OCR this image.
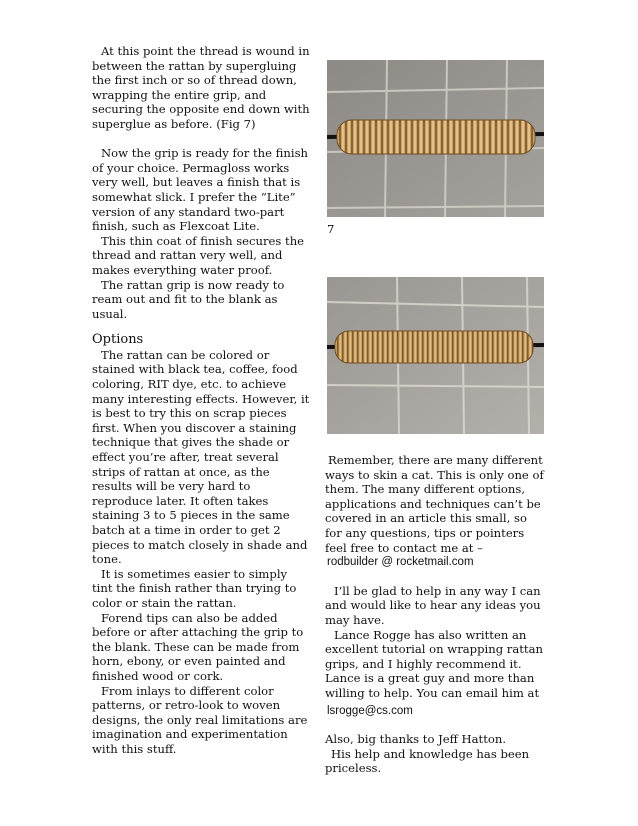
At this point the thread is wound in between the rattan by supergluing the first inch or so of thread down, wrapping the entire grip, and securing the opposite end down with superglue as before. (Fig 7)

Now the grip is ready for the finish of your choice. Permagloss works very well, but leaves a finish that is somewhat slick. I prefer the “Lite” version of any standard two-part finish, such as Flexcoat Lite.

This thin coat of finish secures the thread and rattan very well, and makes everything water proof.

The rattan grip is now ready to ream out and fit to the blank as usual.

Options

The rattan can be colored or stained with black tea, coffee, food coloring, RIT dye, etc. to achieve many interesting effects. However, it is best to try this on scrap pieces first. When you discover a staining technique that gives the shade or effect you’re after, treat several strips of rattan at once, as the results will be very hard to reproduce later. It often takes staining 3 to 5 pieces in the same batch at a time in order to get 2 pieces to match closely in shade and tone.

It is sometimes easier to simply tint the finish rather than trying to color or stain the rattan.

Forend tips can also be added before or after attaching the grip to the blank. These can be made from horn, ebony, or even painted and finished wood or cork.

From inlays to different color patterns, or retro-look to woven designs, the only real limitations are imagination and experimentation with this stuff.

7

Remember, there are many different ways to skin a cat. This is only one of them. The many different options, applications and techniques can’t be covered in an article this small, so for any questions, tips or pointers feel free to contact me at –

rodbuilder @ rocketmail.com

I’ll be glad to help in any way I can and would like to hear any ideas you may have.

Lance Rogge has also written an excellent tutorial on wrapping rattan grips, and I highly recommend it. Lance is a great guy and more than willing to help. You can email him at

lsrogge@cs.com

Also, big thanks to Jeff Hatton.

His help and knowledge has been priceless.
